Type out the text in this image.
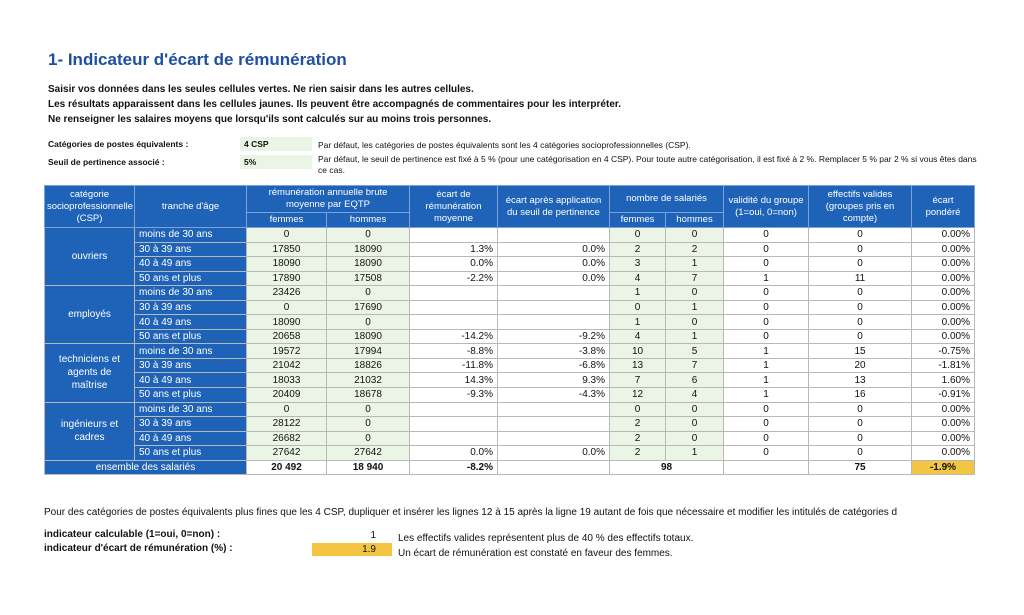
1- Indicateur d'écart de rémunération
Saisir vos données dans les seules cellules vertes. Ne rien saisir dans les autres cellules.
Les résultats apparaissent dans les cellules jaunes. Ils peuvent être accompagnés de commentaires pour les interpréter.
Ne renseigner les salaires moyens que lorsqu'ils sont calculés sur au moins trois personnes.
Catégories de postes équivalents :	4 CSP	Par défaut, les catégories de postes équivalents sont les 4 catégories socioprofessionnelles (CSP).
Seuil de pertinence associé :	5%	Par défaut, le seuil de pertinence est fixé à 5 % (pour une catégorisation en 4 CSP). Pour toute autre catégorisation, il est fixé à 2 %. Remplacer 5 % par 2 % si vous êtes dans ce cas.
catégorie socioprofessionnelle (CSP)	tranche d'âge	rémunération annuelle brute moyenne par EQTP		écart de rémunération moyenne	écart après application du seuil de pertinence	nombre de salariés		validité du groupe (1=oui, 0=non)	effectifs valides (groupes pris en compte)	écart pondéré
		femmes	hommes			femmes	hommes			
ouvriers	moins de 30 ans	0	0			0	0	0	0	0.00%
	30 à 39 ans	17850	18090	1.3%	0.0%	2	2	0	0	0.00%
	40 à 49 ans	18090	18090	0.0%	0.0%	3	1	0	0	0.00%
	50 ans et plus	17890	17508	-2.2%	0.0%	4	7	1	11	0.00%
employés	moins de 30 ans	23426	0			1	0	0	0	0.00%
	30 à 39 ans	0	17690			0	1	0	0	0.00%
	40 à 49 ans	18090	0			1	0	0	0	0.00%
	50 ans et plus	20658	18090	-14.2%	-9.2%	4	1	0	0	0.00%
techniciens et agents de maîtrise	moins de 30 ans	19572	17994	-8.8%	-3.8%	10	5	1	15	-0.75%
	30 à 39 ans	21042	18826	-11.8%	-6.8%	13	7	1	20	-1.81%
	40 à 49 ans	18033	21032	14.3%	9.3%	7	6	1	13	1.60%
	50 ans et plus	20409	18678	-9.3%	-4.3%	12	4	1	16	-0.91%
ingénieurs et cadres	moins de 30 ans	0	0			0	0	0	0	0.00%
	30 à 39 ans	28122	0			2	0	0	0	0.00%
	40 à 49 ans	26682	0			2	0	0	0	0.00%
	50 ans et plus	27642	27642	0.0%	0.0%	2	1	0	0	0.00%
ensemble des salariés		20 492	18 940	-8.2%		98			75	-1.9%
Pour des catégories de postes équivalents plus fines que les 4 CSP, dupliquer et insérer les lignes 12 à 15 après la ligne 19 autant de fois que nécessaire et modifier les intitulés de catégories d
indicateur calculable (1=oui, 0=non) :	1	Les effectifs valides représentent plus de 40 % des effectifs totaux.
indicateur d'écart de rémunération (%) :	1.9	Un écart de rémunération est constaté en faveur des femmes.
